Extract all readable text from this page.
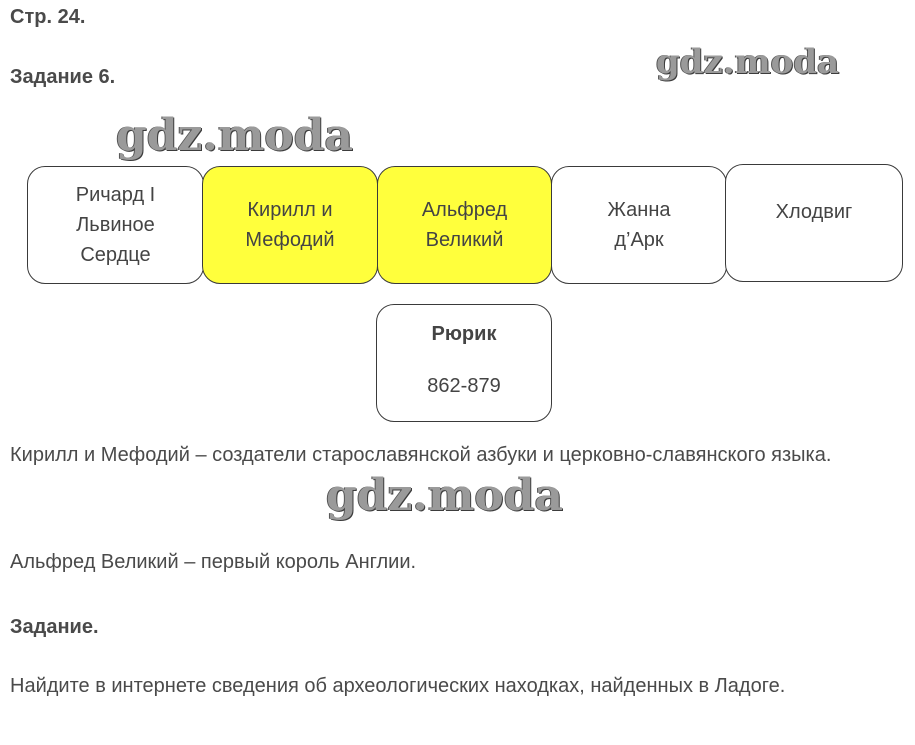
Стр. 24.
Задание 6.	gdz.moda
gdz.moda
Ричард I
Львиное
Сердце
Кирилл и
Мефодий
Альфред
Великий
Жанна
д’Арк
Хлодвиг
Рюрик
862-879
Кирилл и Мефодий – создатели старославянской азбуки и церковно-славянского языка.
gdz.moda
Альфред Великий – первый король Англии.
Задание.
Найдите в интернете сведения об археологических находках, найденных в Ладоге.
